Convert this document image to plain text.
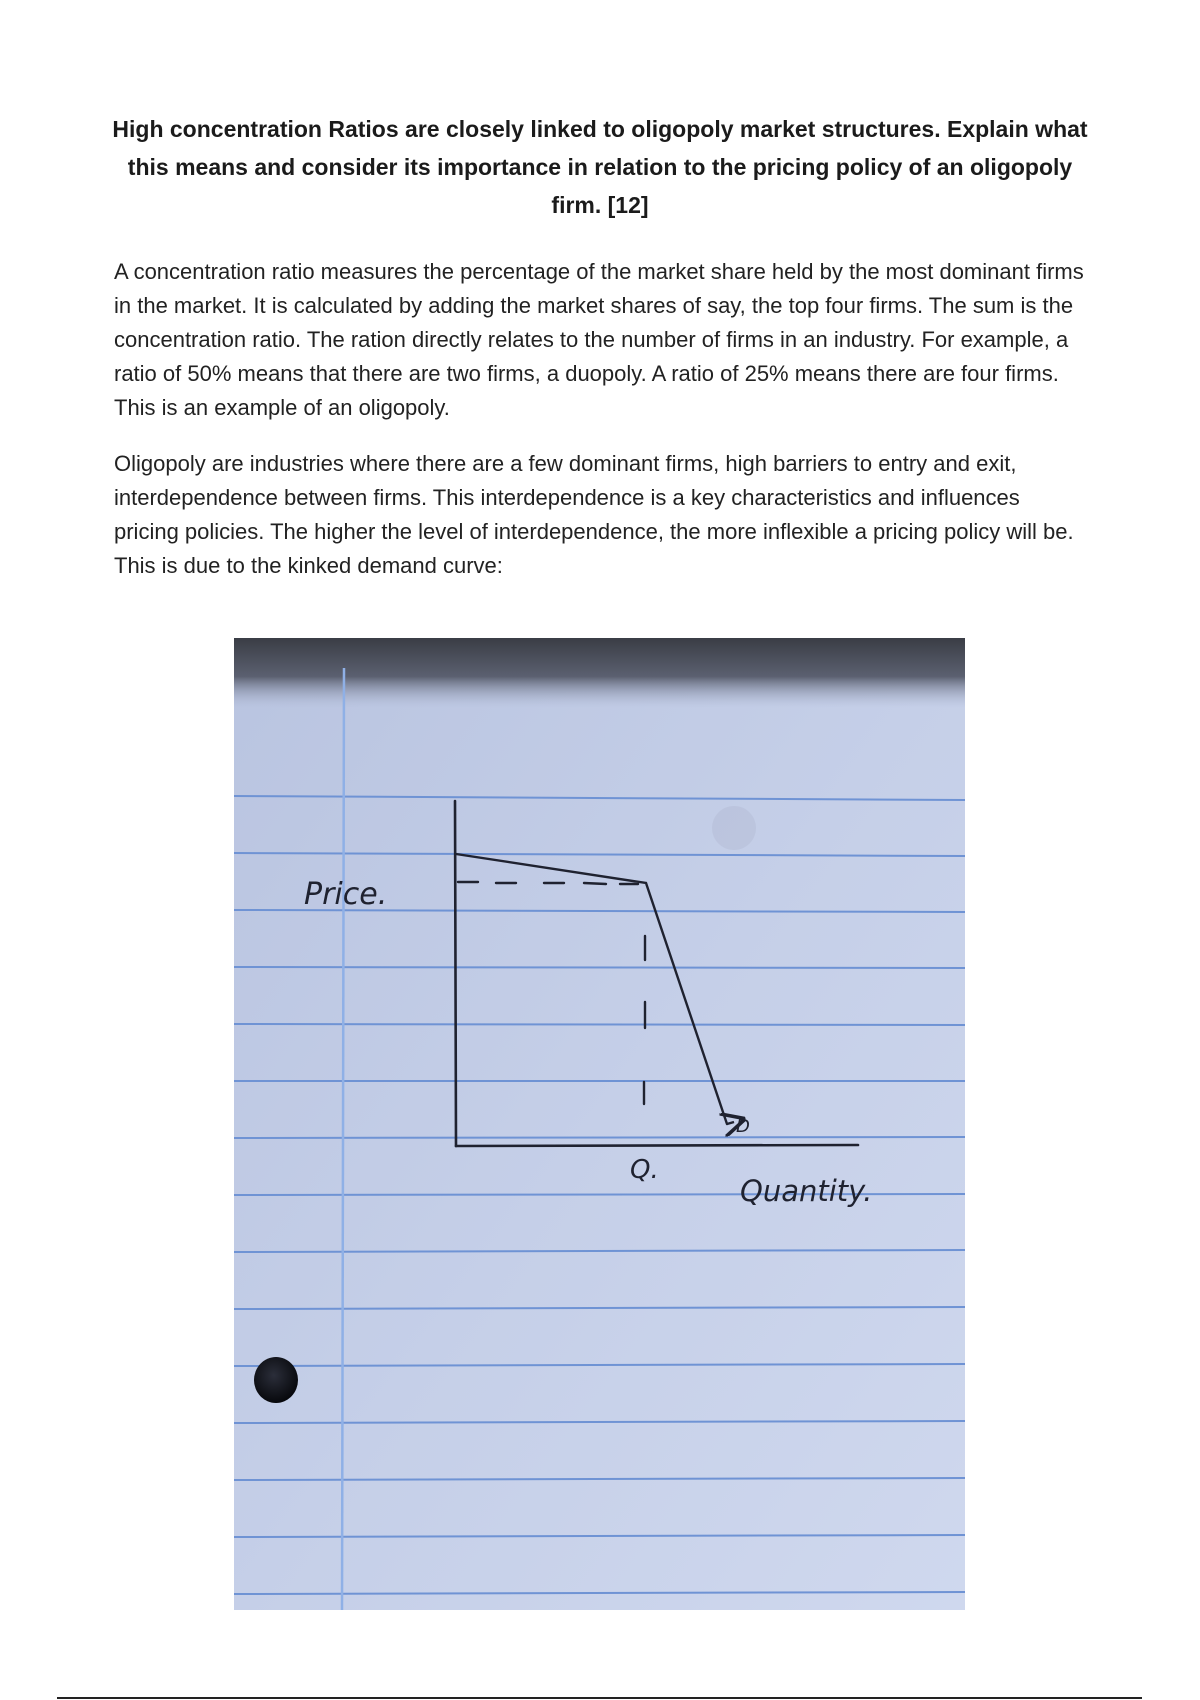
High concentration Ratios are closely linked to oligopoly market structures. Explain what this means and consider its importance in relation to the pricing policy of an oligopoly firm. [12]
A concentration ratio measures the percentage of the market share held by the most dominant firms in the market. It is calculated by adding the market shares of say, the top four firms. The sum is the concentration ratio. The ration directly relates to the number of firms in an industry. For example, a ratio of 50% means that there are two firms, a duopoly. A ratio of 25% means there are four firms. This is an example of an oligopoly.
Oligopoly are industries where there are a few dominant firms, high barriers to entry and exit, interdependence between firms. This interdependence is a key characteristics and influences pricing policies. The higher the level of interdependence, the more inflexible a pricing policy will be. This is due to the kinked demand curve:
Price.
Q.
Quantity.
D
